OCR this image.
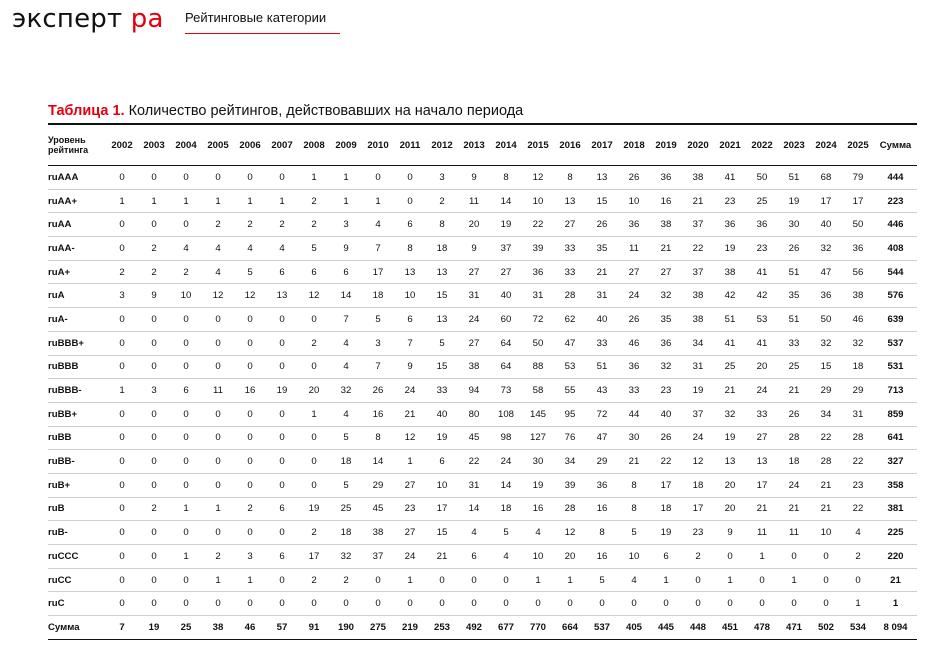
эксперт ра Рейтинговые категории
Таблица 1. Количество рейтингов, действовавших на начало периода
Уровень
рейтинга	2002	2003	2004	2005	2006	2007	2008	2009	2010	2011	2012	2013	2014	2015	2016	2017	2018	2019	2020	2021	2022	2023	2024	2025	Сумма
ruAAA	0	0	0	0	0	0	1	1	0	0	3	9	8	12	8	13	26	36	38	41	50	51	68	79	444
ruAA+	1	1	1	1	1	1	2	1	1	0	2	11	14	10	13	15	10	16	21	23	25	19	17	17	223
ruAA	0	0	0	2	2	2	2	3	4	6	8	20	19	22	27	26	36	38	37	36	36	30	40	50	446
ruAA-	0	2	4	4	4	4	5	9	7	8	18	9	37	39	33	35	11	21	22	19	23	26	32	36	408
ruA+	2	2	2	4	5	6	6	6	17	13	13	27	27	36	33	21	27	27	37	38	41	51	47	56	544
ruA	3	9	10	12	12	13	12	14	18	10	15	31	40	31	28	31	24	32	38	42	42	35	36	38	576
ruA-	0	0	0	0	0	0	0	7	5	6	13	24	60	72	62	40	26	35	38	51	53	51	50	46	639
ruBBB+	0	0	0	0	0	0	2	4	3	7	5	27	64	50	47	33	46	36	34	41	41	33	32	32	537
ruBBB	0	0	0	0	0	0	0	4	7	9	15	38	64	88	53	51	36	32	31	25	20	25	15	18	531
ruBBB-	1	3	6	11	16	19	20	32	26	24	33	94	73	58	55	43	33	23	19	21	24	21	29	29	713
ruBB+	0	0	0	0	0	0	1	4	16	21	40	80	108	145	95	72	44	40	37	32	33	26	34	31	859
ruBB	0	0	0	0	0	0	0	5	8	12	19	45	98	127	76	47	30	26	24	19	27	28	22	28	641
ruBB-	0	0	0	0	0	0	0	18	14	1	6	22	24	30	34	29	21	22	12	13	13	18	28	22	327
ruB+	0	0	0	0	0	0	0	5	29	27	10	31	14	19	39	36	8	17	18	20	17	24	21	23	358
ruB	0	2	1	1	2	6	19	25	45	23	17	14	18	16	28	16	8	18	17	20	21	21	21	22	381
ruB-	0	0	0	0	0	0	2	18	38	27	15	4	5	4	12	8	5	19	23	9	11	11	10	4	225
ruCCC	0	0	1	2	3	6	17	32	37	24	21	6	4	10	20	16	10	6	2	0	1	0	0	2	220
ruCC	0	0	0	1	1	0	2	2	0	1	0	0	0	1	1	5	4	1	0	1	0	1	0	0	21
ruC	0	0	0	0	0	0	0	0	0	0	0	0	0	0	0	0	0	0	0	0	0	0	0	1	1
Сумма	7	19	25	38	46	57	91	190	275	219	253	492	677	770	664	537	405	445	448	451	478	471	502	534	8 094
